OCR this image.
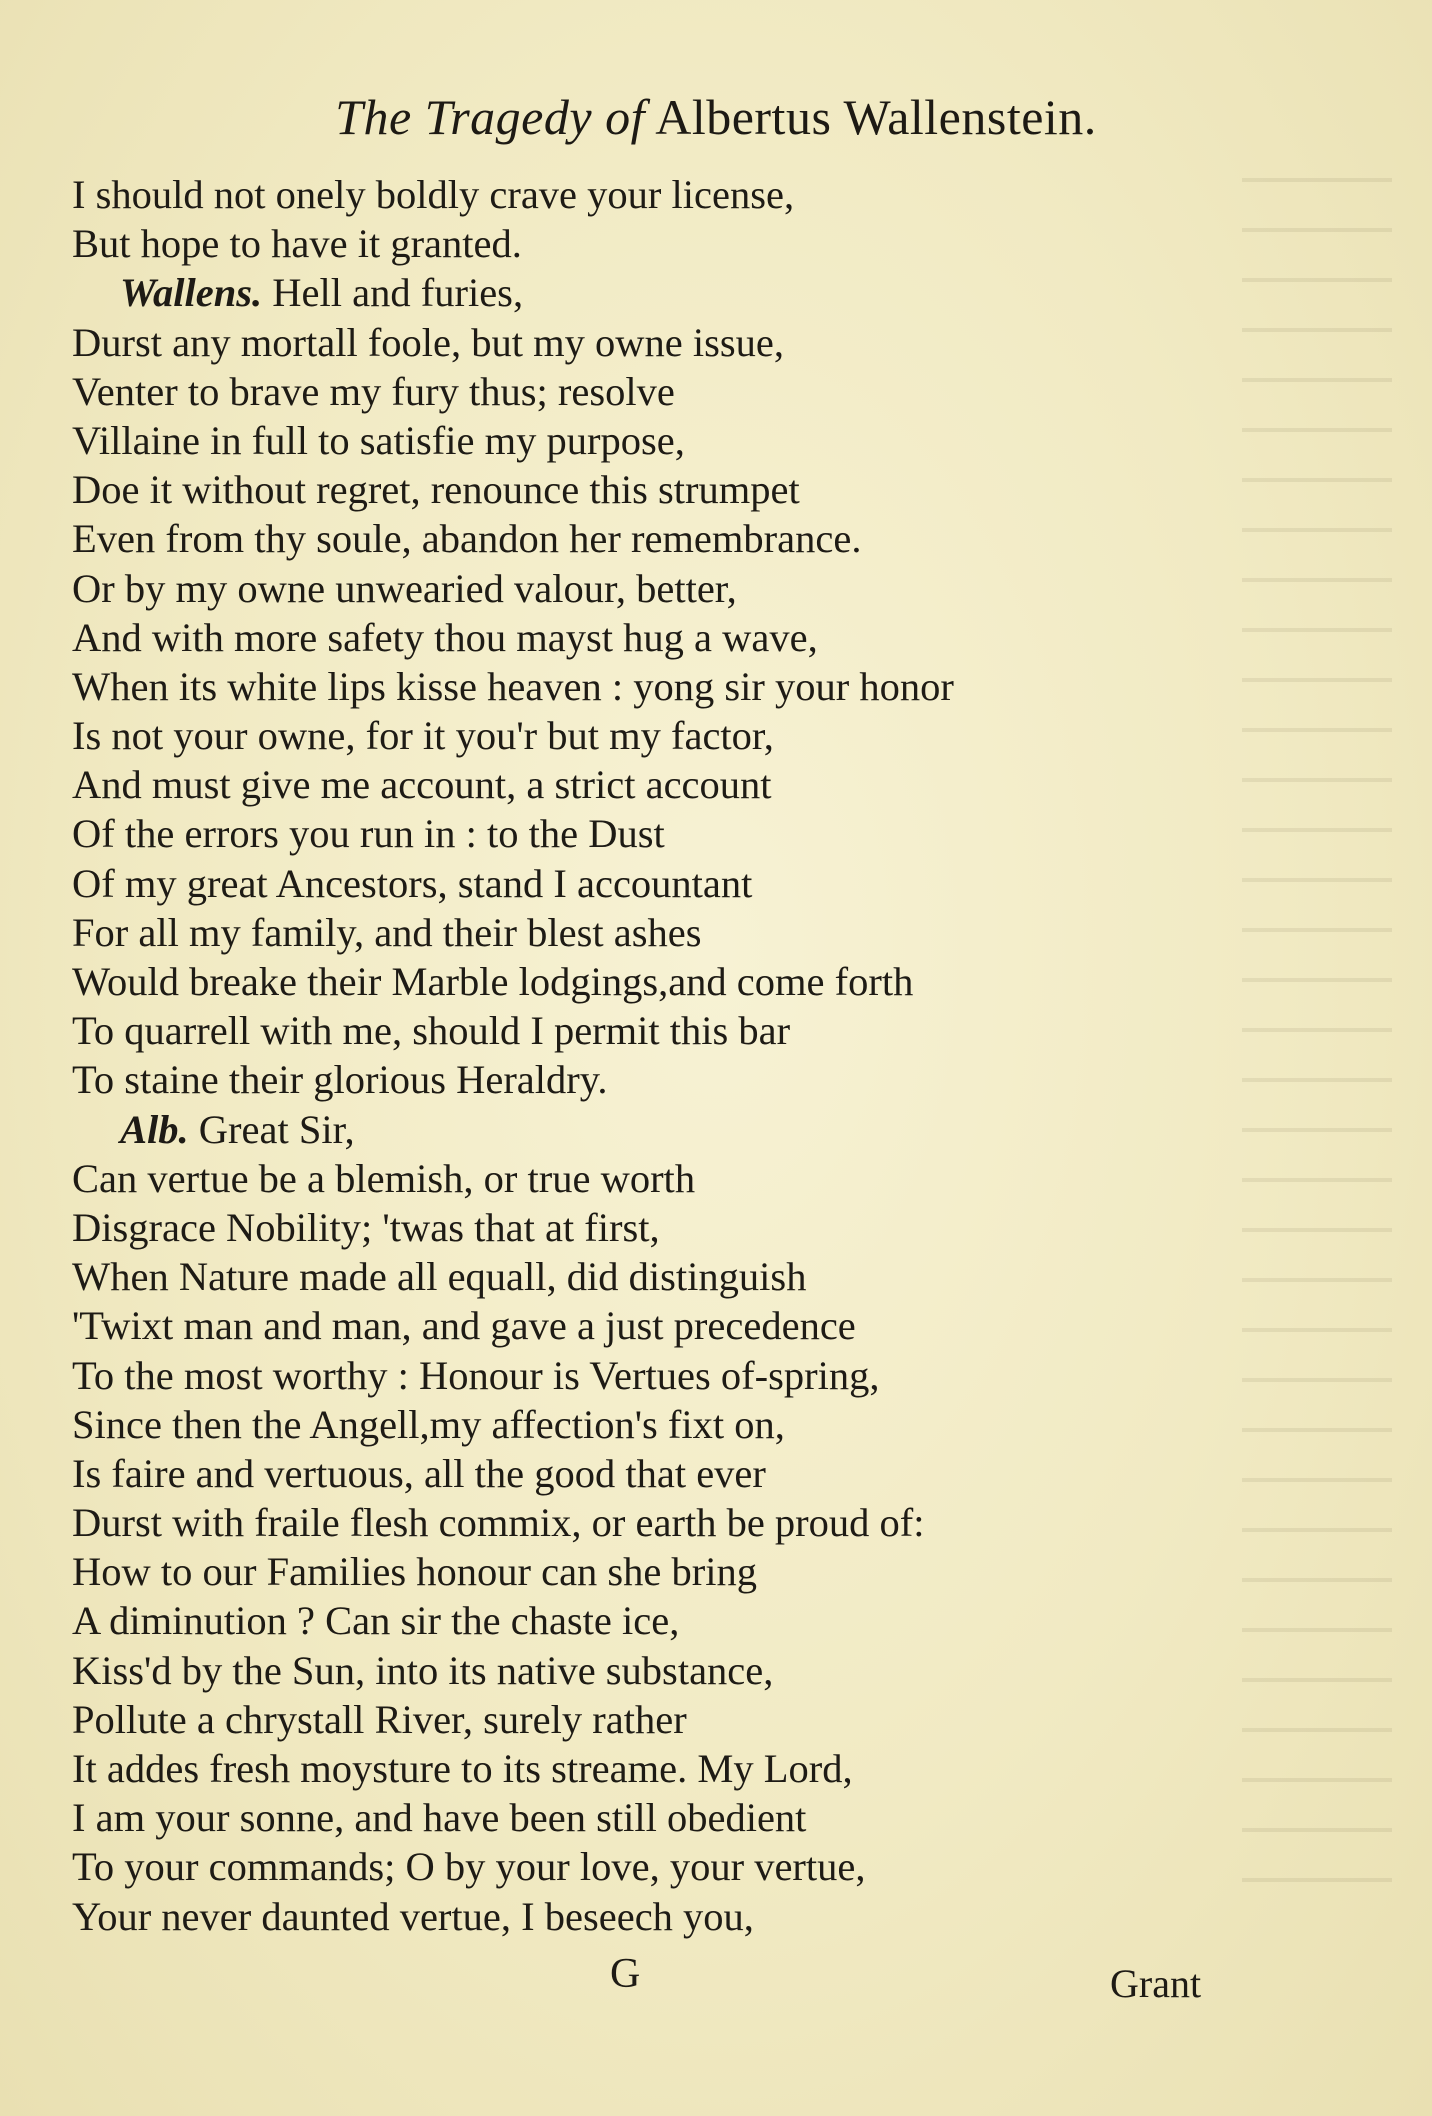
The Tragedy of Albertus Wallenstein.
I should not onely boldly crave your license,
But hope to have it granted.
Wallens. Hell and furies,
Durst any mortall foole, but my owne issue,
Venter to brave my fury thus; resolve
Villaine in full to satisfie my purpose,
Doe it without regret, renounce this strumpet
Even from thy soule, abandon her remembrance.
Or by my owne unwearied valour, better,
And with more safety thou mayst hug a wave,
When its white lips kisse heaven : yong sir your honor
Is not your owne, for it you'r but my factor,
And must give me account, a strict account
Of the errors you run in : to the Dust
Of my great Ancestors, stand I accountant
For all my family, and their blest ashes
Would breake their Marble lodgings,and come forth
To quarrell with me, should I permit this bar
To staine their glorious Heraldry.
Alb. Great Sir,
Can vertue be a blemish, or true worth
Disgrace Nobility; 'twas that at first,
When Nature made all equall, did distinguish
'Twixt man and man, and gave a just precedence
To the most worthy : Honour is Vertues of-spring,
Since then the Angell,my affection's fixt on,
Is faire and vertuous, all the good that ever
Durst with fraile flesh commix, or earth be proud of:
How to our Families honour can she bring
A diminution ? Can sir the chaste ice,
Kiss'd by the Sun, into its native substance,
Pollute a chrystall River, surely rather
It addes fresh moysture to its streame. My Lord,
I am your sonne, and have been still obedient
To your commands; O by your love, your vertue,
Your never daunted vertue, I beseech you,
G	Grant
